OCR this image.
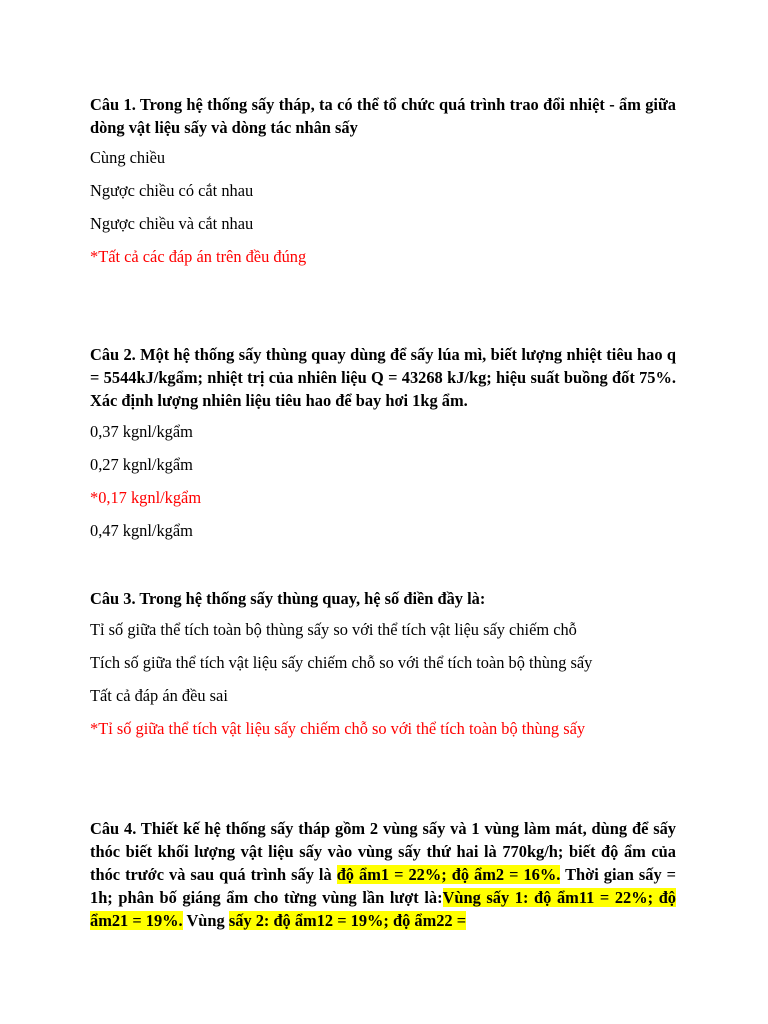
Câu 1. Trong hệ thống sấy tháp, ta có thể tổ chức quá trình trao đổi nhiệt - ẩm giữa dòng vật liệu sấy và dòng tác nhân sấy

Cùng chiều

Ngược chiều có cắt nhau

Ngược chiều và cắt nhau

*Tất cả các đáp án trên đều đúng

Câu 2. Một hệ thống sấy thùng quay dùng để sấy lúa mì, biết lượng nhiệt tiêu hao q = 5544kJ/kgẩm; nhiệt trị của nhiên liệu Q = 43268 kJ/kg; hiệu suất buồng đốt 75%. Xác định lượng nhiên liệu tiêu hao để bay hơi 1kg ẩm.

0,37 kgnl/kgẩm

0,27 kgnl/kgẩm

*0,17 kgnl/kgẩm

0,47 kgnl/kgẩm

Câu 3. Trong hệ thống sấy thùng quay, hệ số điền đầy là:

Tỉ số giữa thể tích toàn bộ thùng sấy so với thể tích vật liệu sấy chiếm chỗ

Tích số giữa thể tích vật liệu sấy chiếm chỗ so với thể tích toàn bộ thùng sấy

Tất cả đáp án đều sai

*Tỉ số giữa thể tích vật liệu sấy chiếm chỗ so với thể tích toàn bộ thùng sấy

Câu 4. Thiết kế hệ thống sấy tháp gồm 2 vùng sấy và 1 vùng làm mát, dùng để sấy thóc biết khối lượng vật liệu sấy vào vùng sấy thứ hai là 770kg/h; biết độ ẩm của thóc trước và sau quá trình sấy là độ ẩm1 = 22%; độ ẩm2 = 16%. Thời gian sấy = 1h; phân bố giáng ẩm cho từng vùng lần lượt là:Vùng sấy 1: độ ẩm11 = 22%; độ ẩm21 = 19%. Vùng sấy 2: độ ẩm12 = 19%; độ ẩm22 =
